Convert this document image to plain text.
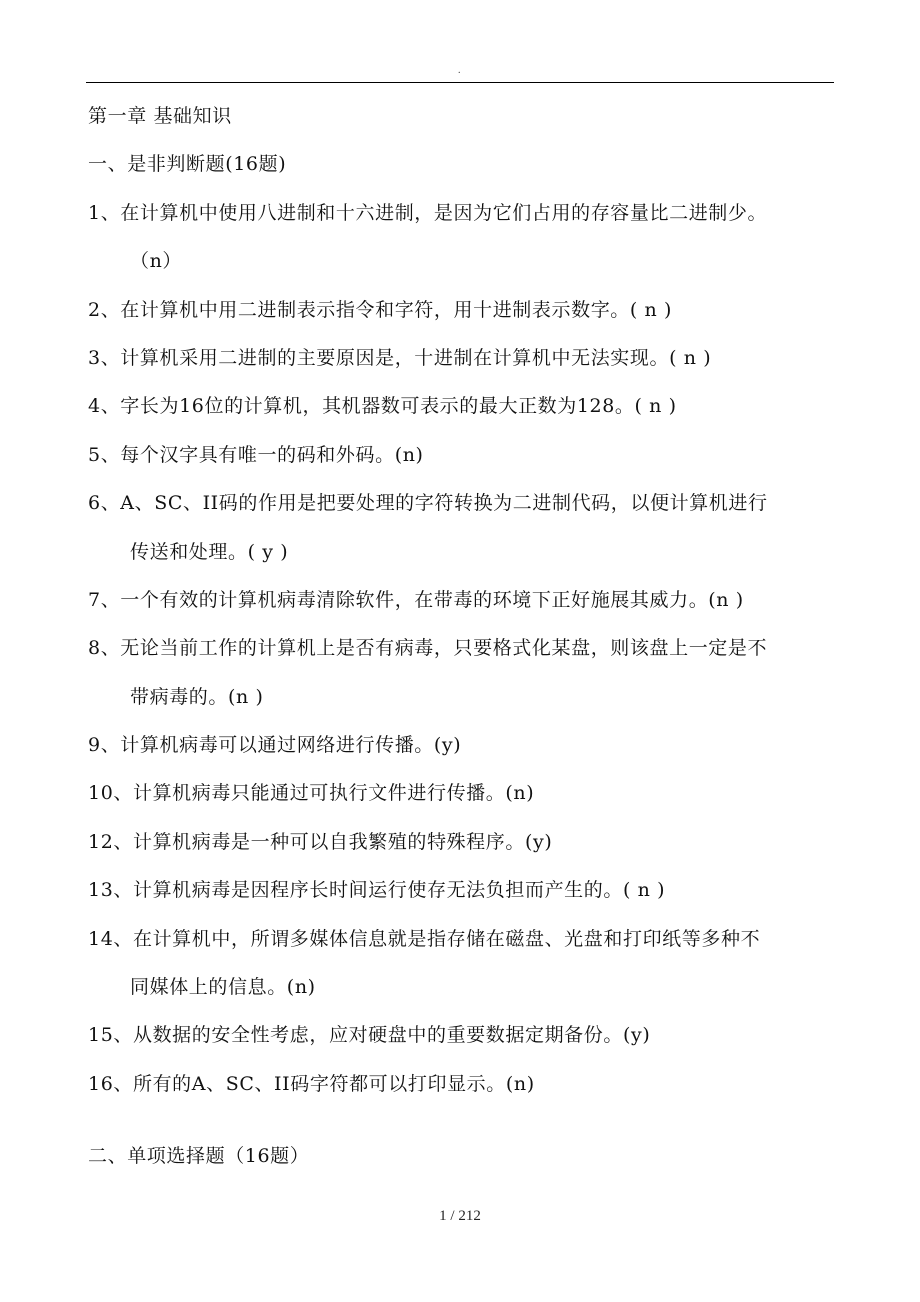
.
第一章 基础知识
一、是非判断题(16题)
1、在计算机中使用八进制和十六进制，是因为它们占用的存容量比二进制少。
（n）
2、在计算机中用二进制表示指令和字符，用十进制表示数字。( n )
3、计算机采用二进制的主要原因是，十进制在计算机中无法实现。( n )
4、字长为16位的计算机，其机器数可表示的最大正数为128。( n )
5、每个汉字具有唯一的码和外码。(n)
6、A、SC、II码的作用是把要处理的字符转换为二进制代码，以便计算机进行
传送和处理。( y )
7、一个有效的计算机病毒清除软件，在带毒的环境下正好施展其威力。(n )
8、无论当前工作的计算机上是否有病毒，只要格式化某盘，则该盘上一定是不
带病毒的。(n )
9、计算机病毒可以通过网络进行传播。(y)
10、计算机病毒只能通过可执行文件进行传播。(n)
12、计算机病毒是一种可以自我繁殖的特殊程序。(y)
13、计算机病毒是因程序长时间运行使存无法负担而产生的。( n )
14、在计算机中，所谓多媒体信息就是指存储在磁盘、光盘和打印纸等多种不
同媒体上的信息。(n)
15、从数据的安全性考虑，应对硬盘中的重要数据定期备份。(y)
16、所有的A、SC、II码字符都可以打印显示。(n)
二、单项选择题（16题）
1 / 212
